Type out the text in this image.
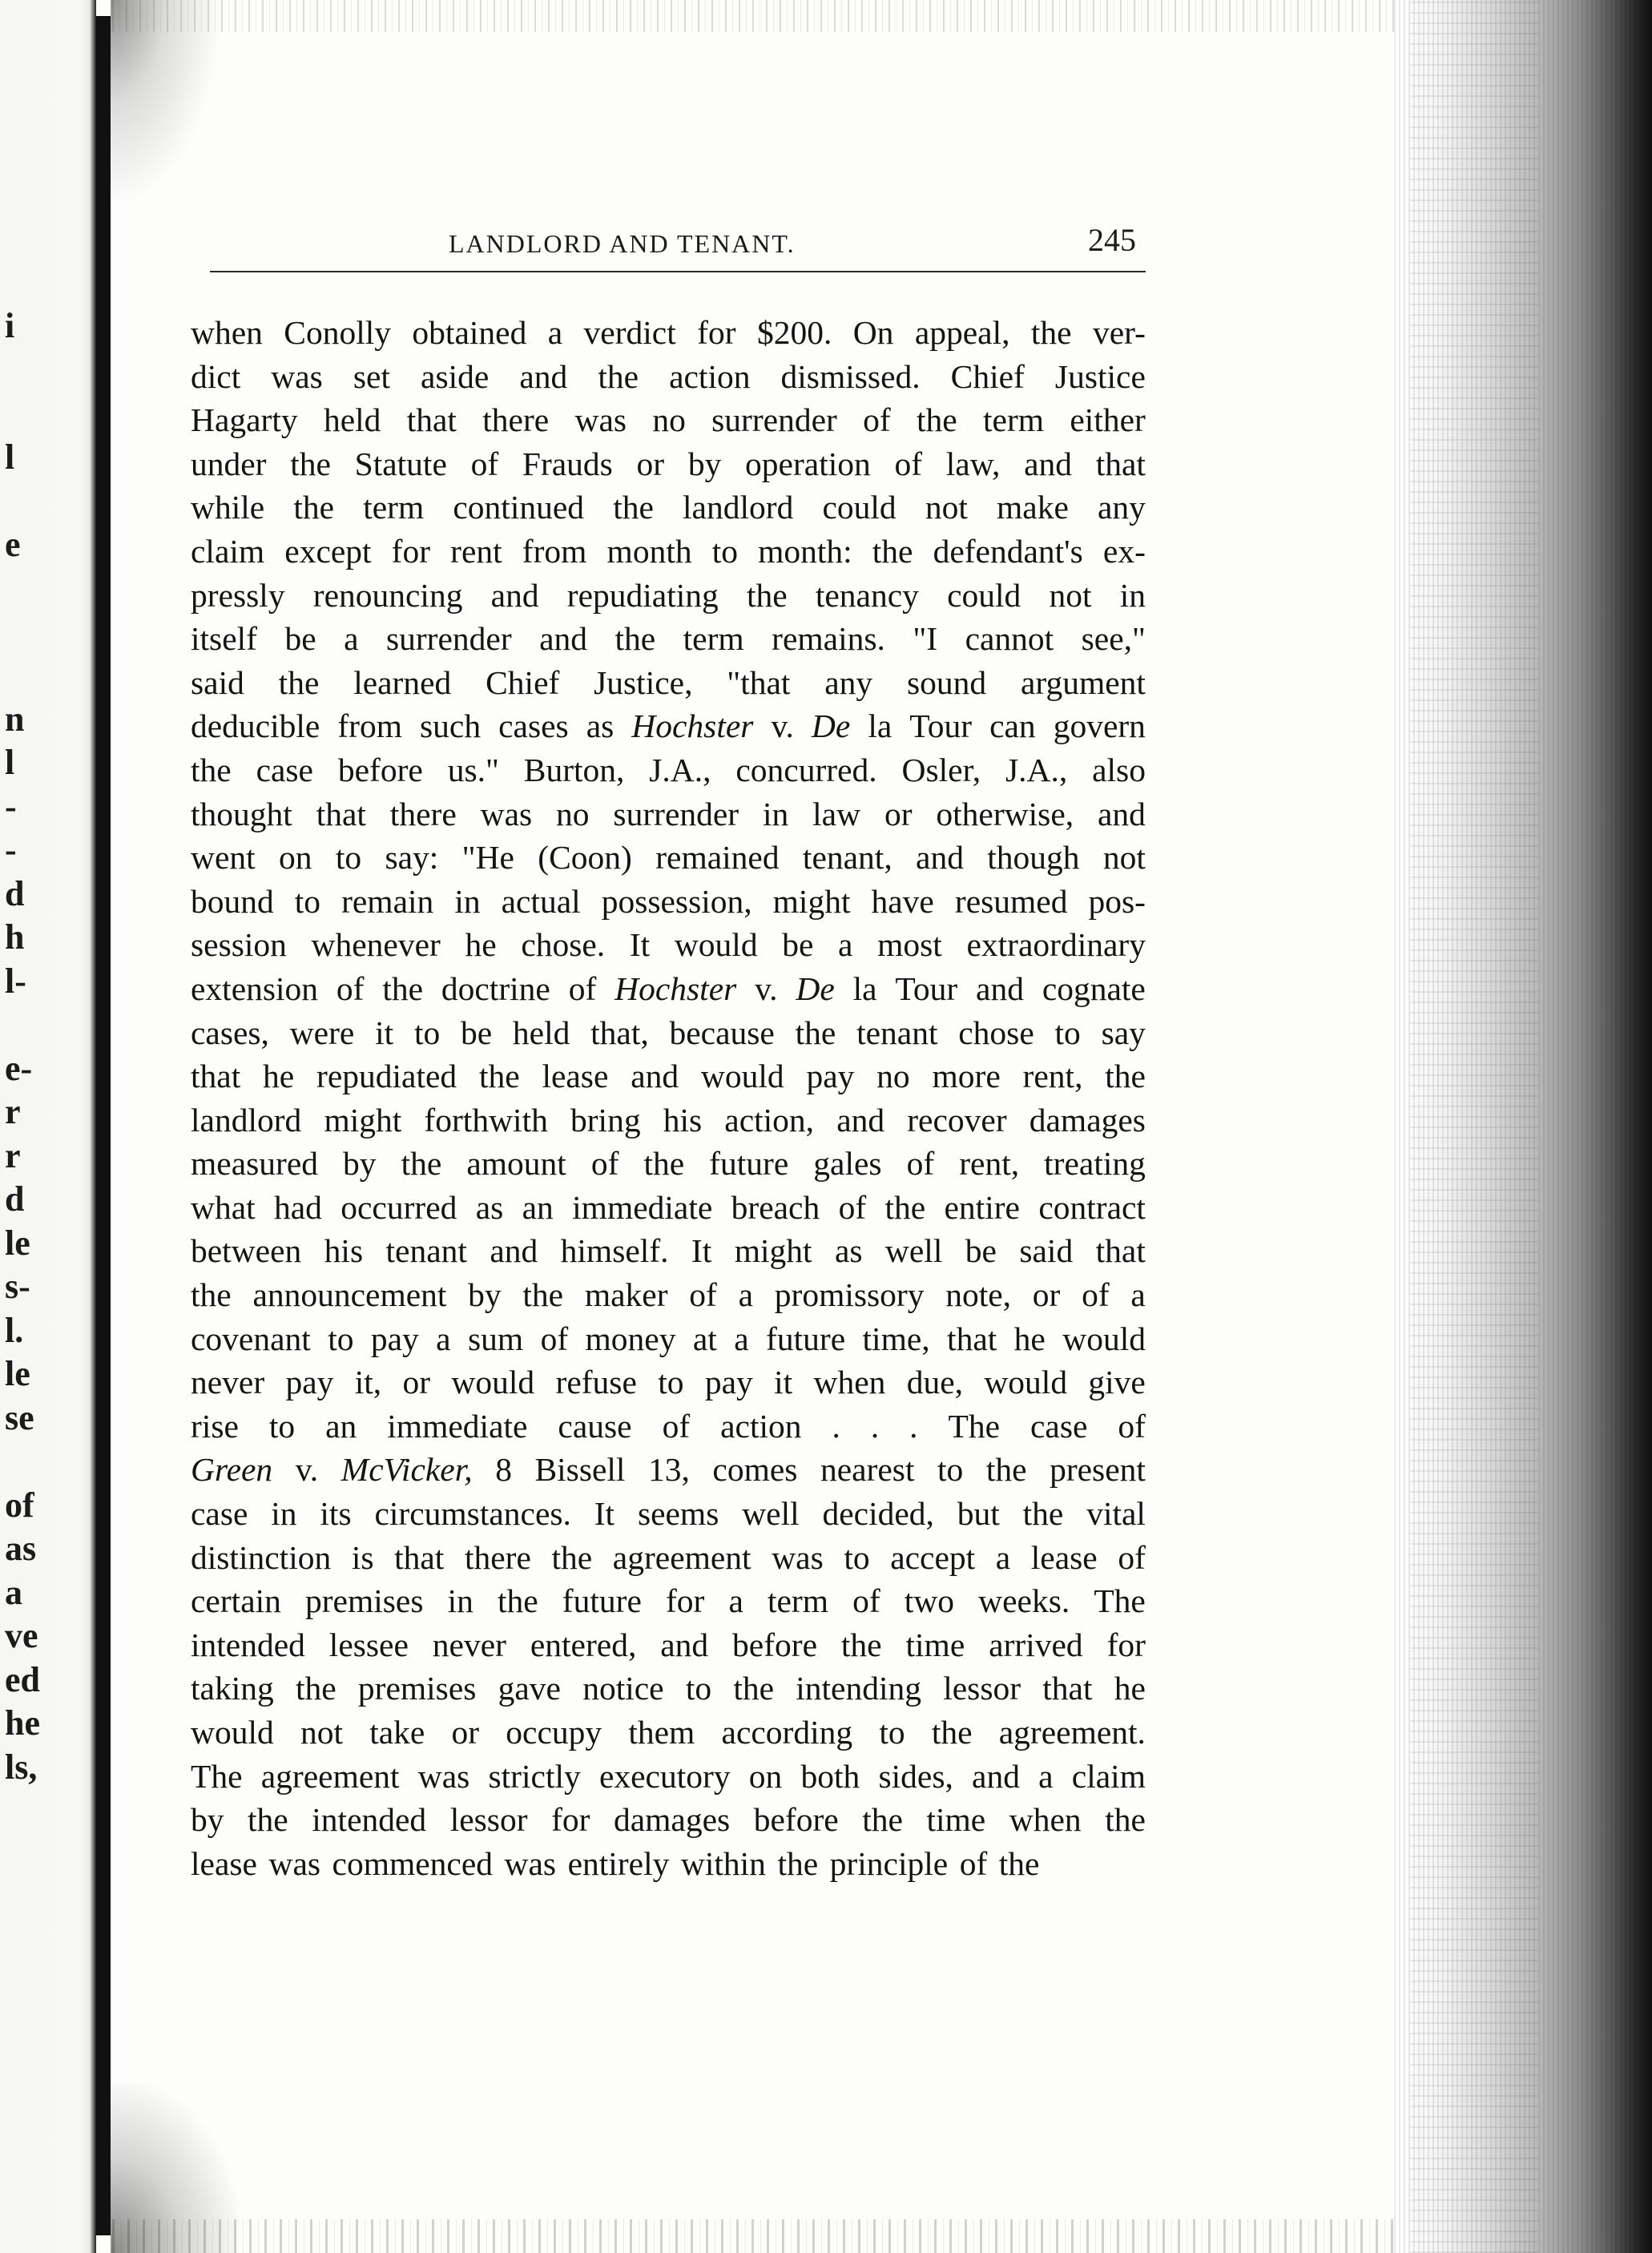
i
l
e
n
l
-
-
d
h
l-
e-
r
r
d
le
s-
l.
le
se
of
as
a
ve
ed
he
ls,
LANDLORD AND TENANT.	245
when Conolly obtained a verdict for $200. On appeal, the ver-
dict was set aside and the action dismissed. Chief Justice
Hagarty held that there was no surrender of the term either
under the Statute of Frauds or by operation of law, and that
while the term continued the landlord could not make any
claim except for rent from month to month: the defendant's ex-
pressly renouncing and repudiating the tenancy could not in
itself be a surrender and the term remains. "I cannot see,"
said the learned Chief Justice, "that any sound argument
deducible from such cases as Hochster v. De la Tour can govern
the case before us." Burton, J.A., concurred. Osler, J.A., also
thought that there was no surrender in law or otherwise, and
went on to say: "He (Coon) remained tenant, and though not
bound to remain in actual possession, might have resumed pos-
session whenever he chose. It would be a most extraordinary
extension of the doctrine of Hochster v. De la Tour and cognate
cases, were it to be held that, because the tenant chose to say
that he repudiated the lease and would pay no more rent, the
landlord might forthwith bring his action, and recover damages
measured by the amount of the future gales of rent, treating
what had occurred as an immediate breach of the entire contract
between his tenant and himself. It might as well be said that
the announcement by the maker of a promissory note, or of a
covenant to pay a sum of money at a future time, that he would
never pay it, or would refuse to pay it when due, would give
rise to an immediate cause of action . . . The case of
Green v. McVicker, 8 Bissell 13, comes nearest to the present
case in its circumstances. It seems well decided, but the vital
distinction is that there the agreement was to accept a lease of
certain premises in the future for a term of two weeks. The
intended lessee never entered, and before the time arrived for
taking the premises gave notice to the intending lessor that he
would not take or occupy them according to the agreement.
The agreement was strictly executory on both sides, and a claim
by the intended lessor for damages before the time when the
lease was commenced was entirely within the principle of the
